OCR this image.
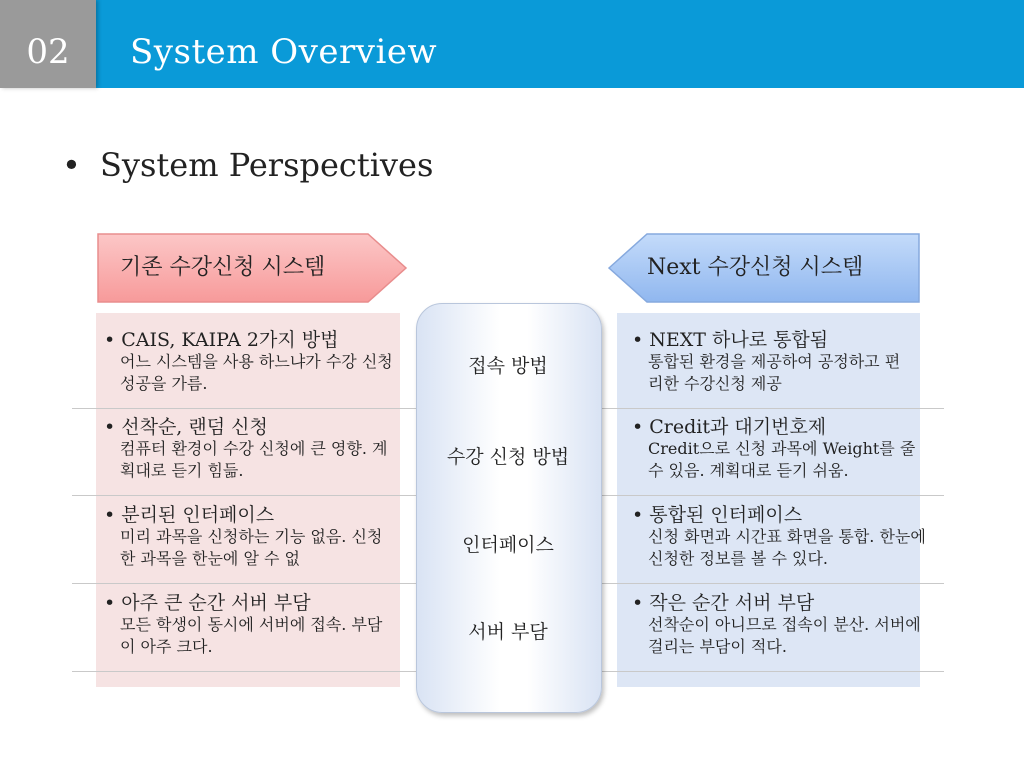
02	System Overview
• System Perspectives
기존 수강신청 시스템	Next 수강신청 시스템
접속 방법
수강 신청 방법
인터페이스
서버 부담
• CAIS, KAIPA 2가지 방법
어느 시스템을 사용 하느냐가 수강 신청 성공을 가름.
• 선착순, 랜덤 신청
컴퓨터 환경이 수강 신청에 큰 영향. 계획대로 듣기 힘듦.
• 분리된 인터페이스
미리 과목을 신청하는 기능 없음. 신청한 과목을 한눈에 알 수 없
• 아주 큰 순간 서버 부담
모든 학생이 동시에 서버에 접속. 부담이 아주 크다.
• NEXT 하나로 통합됨
통합된 환경을 제공하여 공정하고 편리한 수강신청 제공
• Credit과 대기번호제
Credit으로 신청 과목에 Weight를 줄 수 있음. 계획대로 듣기 쉬움.
• 통합된 인터페이스
신청 화면과 시간표 화면을 통합. 한눈에 신청한 정보를 볼 수 있다.
• 작은 순간 서버 부담
선착순이 아니므로 접속이 분산. 서버에 걸리는 부담이 적다.
